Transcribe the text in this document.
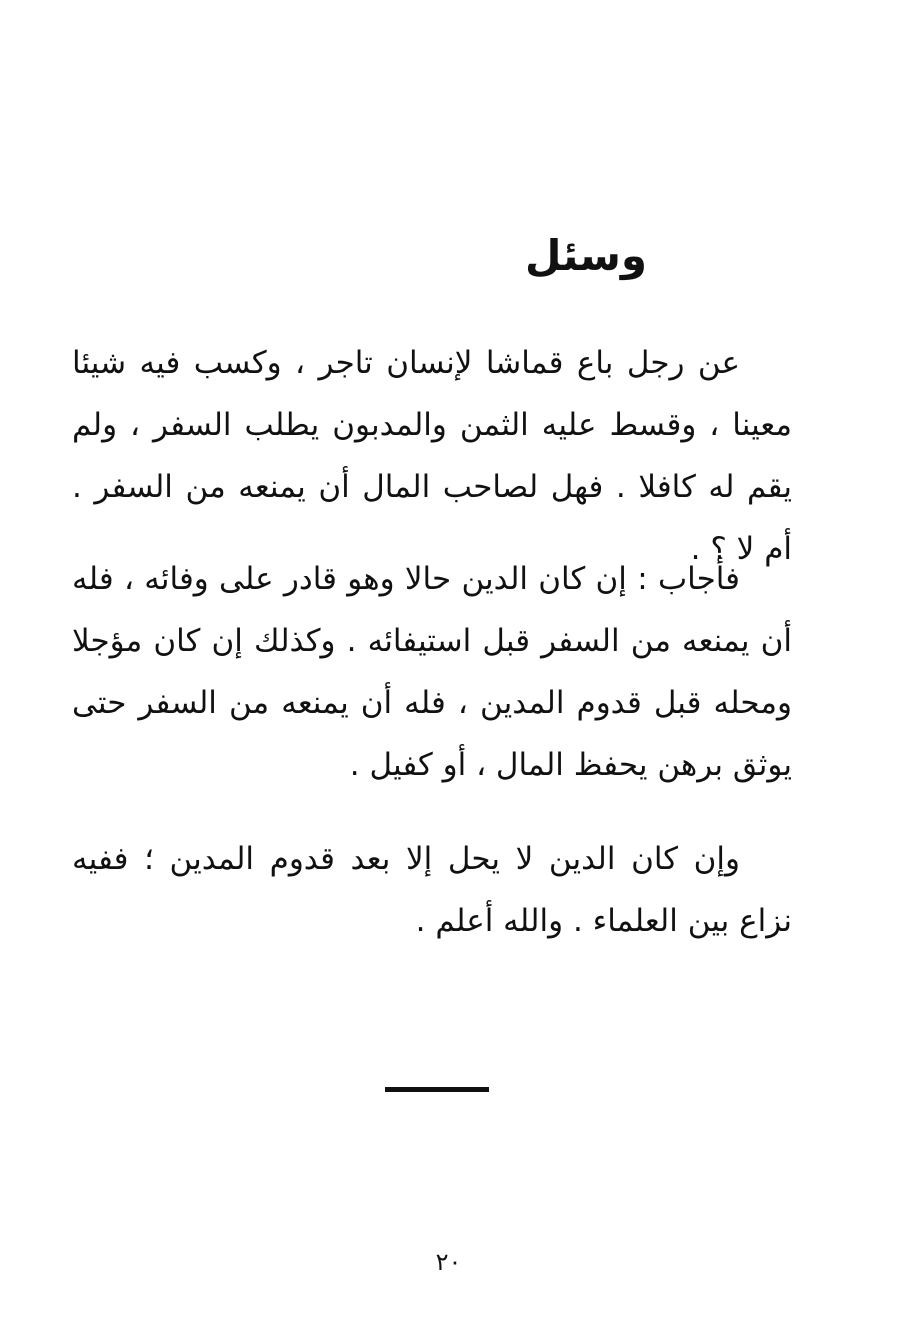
وسئل

عن رجل باع قماشا لإنسان تاجر ، وكسب فيه شيئا معينا ، وقسط عليه الثمن والمدبون يطلب السفر ، ولم يقم له كافلا . فهل لصاحب المال أن يمنعه من السفر . أم لا ؟ .

فأجاب : إن كان الدين حالا وهو قادر على وفائه ، فله أن يمنعه من السفر قبل استيفائه . وكذلك إن كان مؤجلا ومحله قبل قدوم المدين ، فله أن يمنعه من السفر حتى يوثق برهن يحفظ المال ، أو كفيل .

وإن كان الدين لا يحل إلا بعد قدوم المدين ؛ ففيه نزاع بين العلماء . والله أعلم .

٢٠
